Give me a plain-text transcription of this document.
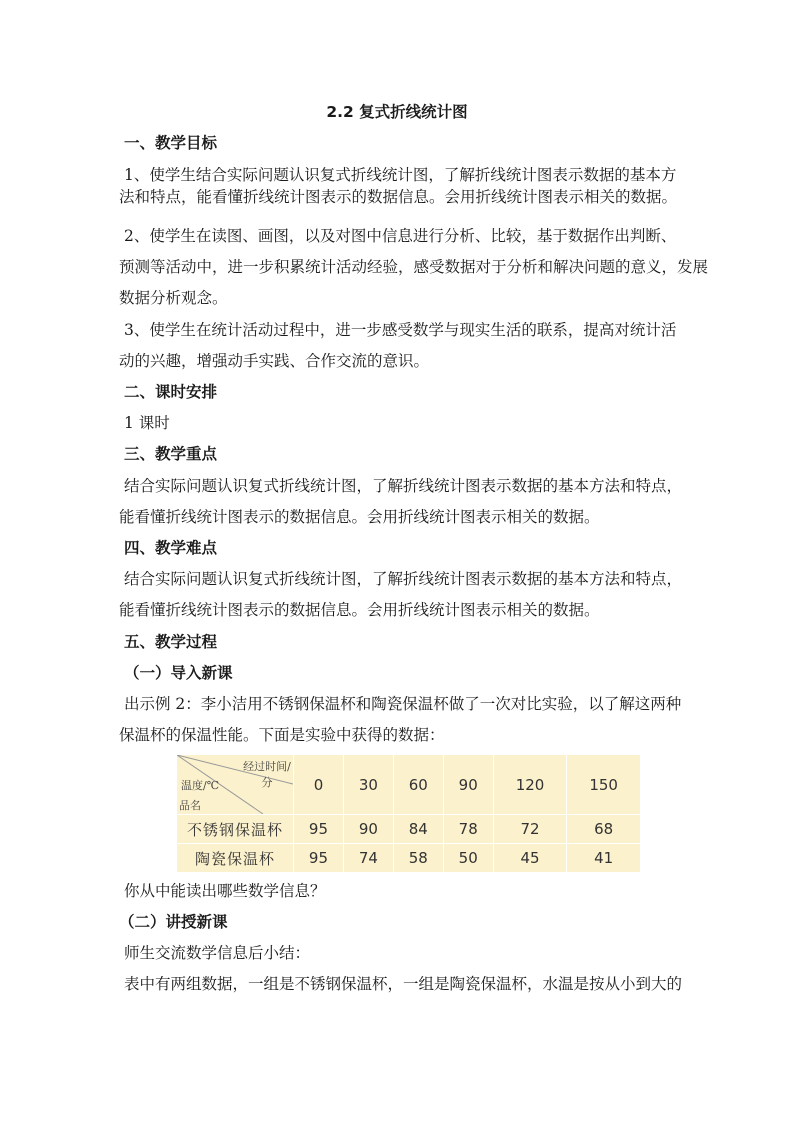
2.2 复式折线统计图
一、教学目标
1、使学生结合实际问题认识复式折线统计图，了解折线统计图表示数据的基本方
法和特点，能看懂折线统计图表示的数据信息。会用折线统计图表示相关的数据。
2、使学生在读图、画图，以及对图中信息进行分析、比较，基于数据作出判断、
预测等活动中，进一步积累统计活动经验，感受数据对于分析和解决问题的意义，发展
数据分析观念。
3、使学生在统计活动过程中，进一步感受数学与现实生活的联系，提高对统计活
动的兴趣，增强动手实践、合作交流的意识。
二、课时安排
1 课时
三、教学重点
结合实际问题认识复式折线统计图，了解折线统计图表示数据的基本方法和特点，
能看懂折线统计图表示的数据信息。会用折线统计图表示相关的数据。
四、教学难点
结合实际问题认识复式折线统计图，了解折线统计图表示数据的基本方法和特点，
能看懂折线统计图表示的数据信息。会用折线统计图表示相关的数据。
五、教学过程
（一）导入新课
出示例 2：李小洁用不锈钢保温杯和陶瓷保温杯做了一次对比实验，以了解这两种
保温杯的保温性能。下面是实验中获得的数据：
经过时间/分
温度/℃
品名	0	30	60	90	120	150
不锈钢保温杯	95	90	84	78	72	68
陶瓷保温杯	95	74	58	50	45	41
你从中能读出哪些数学信息？
（二）讲授新课
师生交流数学信息后小结：
表中有两组数据，一组是不锈钢保温杯，一组是陶瓷保温杯，水温是按从小到大的
